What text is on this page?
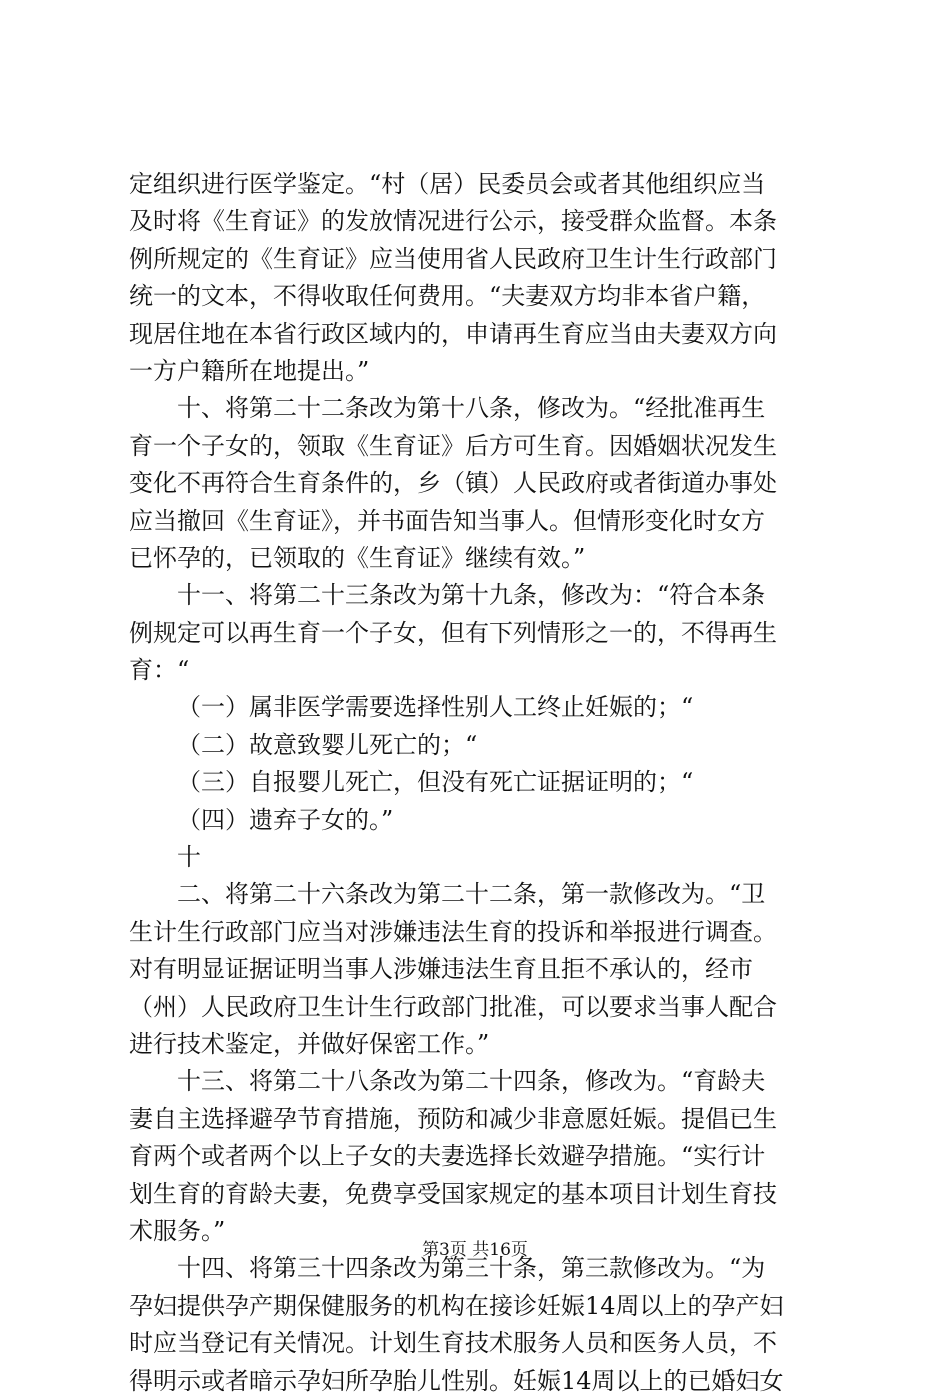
定组织进行医学鉴定。“村（居）民委员会或者其他组织应当
及时将《生育证》的发放情况进行公示，接受群众监督。本条
例所规定的《生育证》应当使用省人民政府卫生计生行政部门
统一的文本，不得收取任何费用。“夫妻双方均非本省户籍，
现居住地在本省行政区域内的，申请再生育应当由夫妻双方向
一方户籍所在地提出。”
十、将第二十二条改为第十八条，修改为。“经批准再生
育一个子女的，领取《生育证》后方可生育。因婚姻状况发生
变化不再符合生育条件的，乡（镇）人民政府或者街道办事处
应当撤回《生育证》，并书面告知当事人。但情形变化时女方
已怀孕的，已领取的《生育证》继续有效。”
十一、将第二十三条改为第十九条，修改为：“符合本条
例规定可以再生育一个子女，但有下列情形之一的，不得再生
育：“
（一）属非医学需要选择性别人工终止妊娠的；“
（二）故意致婴儿死亡的；“
（三）自报婴儿死亡，但没有死亡证据证明的；“
（四）遗弃子女的。”
十
二、将第二十六条改为第二十二条，第一款修改为。“卫
生计生行政部门应当对涉嫌违法生育的投诉和举报进行调查。
对有明显证据证明当事人涉嫌违法生育且拒不承认的，经市
（州）人民政府卫生计生行政部门批准，可以要求当事人配合
进行技术鉴定，并做好保密工作。”
十三、将第二十八条改为第二十四条，修改为。“育龄夫
妻自主选择避孕节育措施，预防和减少非意愿妊娠。提倡已生
育两个或者两个以上子女的夫妻选择长效避孕措施。“实行计
划生育的育龄夫妻，免费享受国家规定的基本项目计划生育技
术服务。”
十四、将第三十四条改为第三十条，第三款修改为。“为
孕妇提供孕产期保健服务的机构在接诊妊娠14周以上的孕产妇
时应当登记有关情况。计划生育技术服务人员和医务人员，不
得明示或者暗示孕妇所孕胎儿性别。妊娠14周以上的已婚妇女
第3页 共16页
